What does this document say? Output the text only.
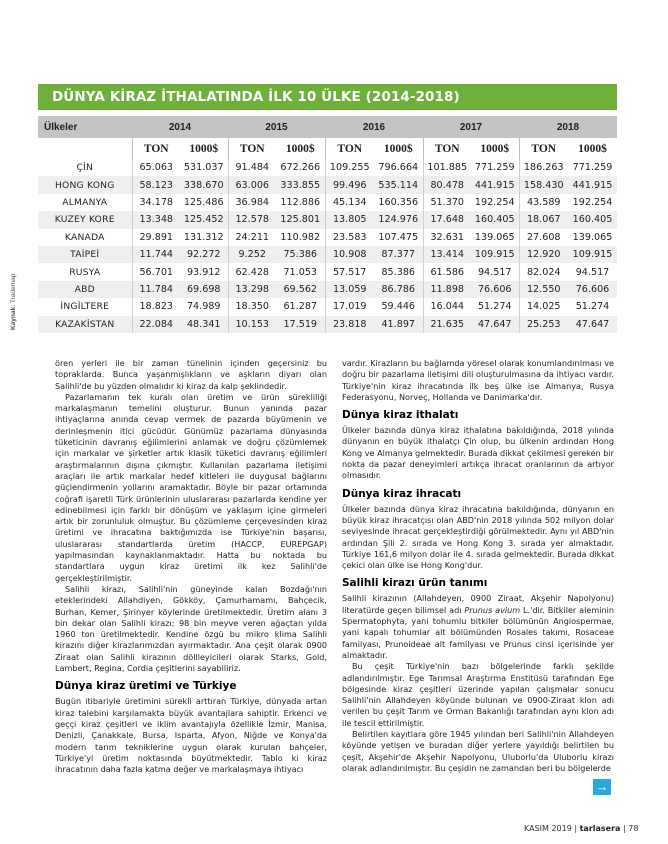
DÜNYA KİRAZ İTHALATINDA İLK 10 ÜLKE (2014-2018)
Ülkeler	2014		2015		2016		2017		2018	
	TON	1000$	TON	1000$	TON	1000$	TON	1000$	TON	1000$
ÇİN	65.063	531.037	91.484	672.266	109.255	796.664	101.885	771.259	186.263	771.259
HONG KONG	58.123	338.670	63.006	333.855	99.496	535.114	80.478	441.915	158.430	441.915
ALMANYA	34.178	125.486	36.984	112.886	45.134	160.356	51.370	192.254	43.589	192.254
KUZEY KORE	13.348	125.452	12.578	125.801	13.805	124.976	17.648	160.405	18.067	160.405
KANADA	29.891	131.312	24.211	110.982	23.583	107.475	32.631	139.065	27.608	139.065
TAİPEİ	11.744	92.272	9.252	75.386	10.908	87.377	13.414	109.915	12.920	109.915
RUSYA	56.701	93.912	62.428	71.053	57.517	85.386	61.586	94.517	82.024	94.517
ABD	11.784	69.698	13.298	69.562	13.059	86.786	11.898	76.606	12.550	76.606
İNGİLTERE	18.823	74.989	18.350	61.287	17.019	59.446	16.044	51.274	14.025	51.274
KAZAKİSTAN	22.084	48.341	10.153	17.519	23.818	41.897	21.635	47.647	25.253	47.647
Kaynak: Trademap

ören yerleri ile bir zaman tünelinin içinden geçersiniz bu topraklarda. Bunca yaşanmışlıkların ve aşkların diyarı olan Salihli'de bu yüzden olmalıdır ki kiraz da kalp şeklindedir.

Pazarlamanın tek kuralı olan üretim ve ürün sürekliliği markalaşmanın temelini oluşturur. Bunun yanında pazar ihtiyaçlarına anında cevap vermek de pazarda büyümenin ve derinleşmenin itici gücüdür. Günümüz pazarlama dünyasında tüketicinin davranış eğilimlerini anlamak ve doğru çözümlemek için markalar ve şirketler artık klasik tüketici davranış eğilimleri araştırmalarının dışına çıkmıştır. Kullanılan pazarlama iletişimi araçları ile artık markalar hedef kitleleri ile duygusal bağlarını güçlendirmenin yollarını aramaktadır. Böyle bir pazar ortamında coğrafi işaretli Türk ürünlerinin uluslararası pazarlarda kendine yer edinebilmesi için farklı bir dönüşüm ve yaklaşım içine girmeleri artık bir zorunluluk olmuştur. Bu çözümleme çerçevesinden kiraz üretimi ve ihracatına baktığımızda ise Türkiye'nin başarısı, uluslararası standartlarda üretim (HACCP, EUREPGAP) yapılmasından kaynaklanmaktadır. Hatta bu noktada bu standartlara uygun kiraz üretimi ilk kez Salihli'de gerçekleştirilmiştir.

Salihli kirazı, Salihli'nin güneyinde kalan Bozdağı'nın eteklerindeki Allahdiyen, Gökköy, Çamurhamamı, Bahçecik, Burhan, Kemer, Şirinyer köylerinde üretilmektedir. Üretim alanı 3 bin dekar olan Salihli kirazı; 98 bin meyve veren ağaçtan yılda 1960 ton üretilmektedir. Kendine özgü bu mikro klima Salihli kirazını diğer kirazlarımızdan ayırmaktadır. Ana çeşit olarak 0900 Ziraat olan Salihli kirazının döllleyicileri olarak Starks, Gold, Lambert, Regina, Cordia çeşitlerini sayabiliriz.

Dünya kiraz üretimi ve Türkiye

Bugün itibariyle üretimini sürekli arttıran Türkiye, dünyada artan kiraz talebini karşılamakta büyük avantajlara sahiptir. Erkenci ve geççi kiraz çeşitleri ve iklim avantajıyla özellikle İzmir, Manisa, Denizli, Çanakkale, Bursa, Isparta, Afyon, Niğde ve Konya'da modern tarım tekniklerine uygun olarak kurulan bahçeler, Türkiye'yi üretim noktasında büyütmektedir. Tablo ki kiraz ihracatının daha fazla katma değer ve markalaşmaya ihtiyacı

vardır. Kirazların bu bağlamda yöresel olarak konumlandırılması ve doğru bir pazarlama iletişimi dili oluşturulmasına da ihtiyacı vardır. Türkiye'nin kiraz ihracatında ilk beş ülke ise Almanya, Rusya Federasyonu, Norveç, Hollanda ve Danimarka'dır.

Dünya kiraz ithalatı

Ülkeler bazında dünya kiraz ithalatına bakıldığında, 2018 yılında dünyanın en büyük ithalatçı Çin olup, bu ülkenin ardından Hong Kong ve Almanya gelmektedir. Burada dikkat çekilmesi gereken bir nokta da pazar deneyimleri artıkça ihracat oranlarının da artıyor olmasıdır.

Dünya kiraz ihracatı

Ülkeler bazında dünya kiraz ihracatına bakıldığında, dünyanın en büyük kiraz ihracatçısı olan ABD'nin 2018 yılında 502 milyon dolar seviyesinde ihracat gerçekleştirdiği görülmektedir. Aynı yıl ABD'nin ardından Şili 2. sırada ve Hong Kong 3. sırada yer almaktadır. Türkiye 161,6 milyon dolar ile 4. sırada gelmektedir. Burada dikkat çekici olan ülke ise Hong Kong'dur.

Salihli kirazı ürün tanımı

Salihli kirazının (Allahdeyen, 0900 Ziraat, Akşehir Napolyonu) literatürde geçen bilimsel adı Prunus avium L.'dir. Bitkiler aleminin Spermatophyta, yani tohumlu bitkiler bölümünün Angiospermae, yani kapalı tohumlar alt bölümünden Rosales takımı, Rosaceae familyası, Prunoideae alt familyası ve Prunus cinsi içerisinde yer almaktadır.

Bu çeşit Türkiye'nin bazı bölgelerinde farklı şekilde adlandırılmıştır. Ege Tarımsal Araştırma Enstitüsü tarafından Ege bölgesinde kiraz çeşitleri üzerinde yapılan çalışmalar sonucu Salihli'nin Allahdeyen köyünde bulunan ve 0900-Ziraat klon adı verilen bu çeşit Tarım ve Orman Bakanlığı tarafından aynı klon adı ile tescil ettirilmiştir.

Belirtilen kayıtlara göre 1945 yılından beri Salihli'nin Allahdeyen köyünde yetişen ve buradan diğer yerlere yayıldığı belirtilen bu çeşit, Akşehir'de Akşehir Napolyonu, Uluborlu'da Uluborlu kirazı olarak adlandırılmıştır. Bu çeşidin ne zamandan beri bu bölgelerde

→
KASIM 2019 | tarlasera | 78
